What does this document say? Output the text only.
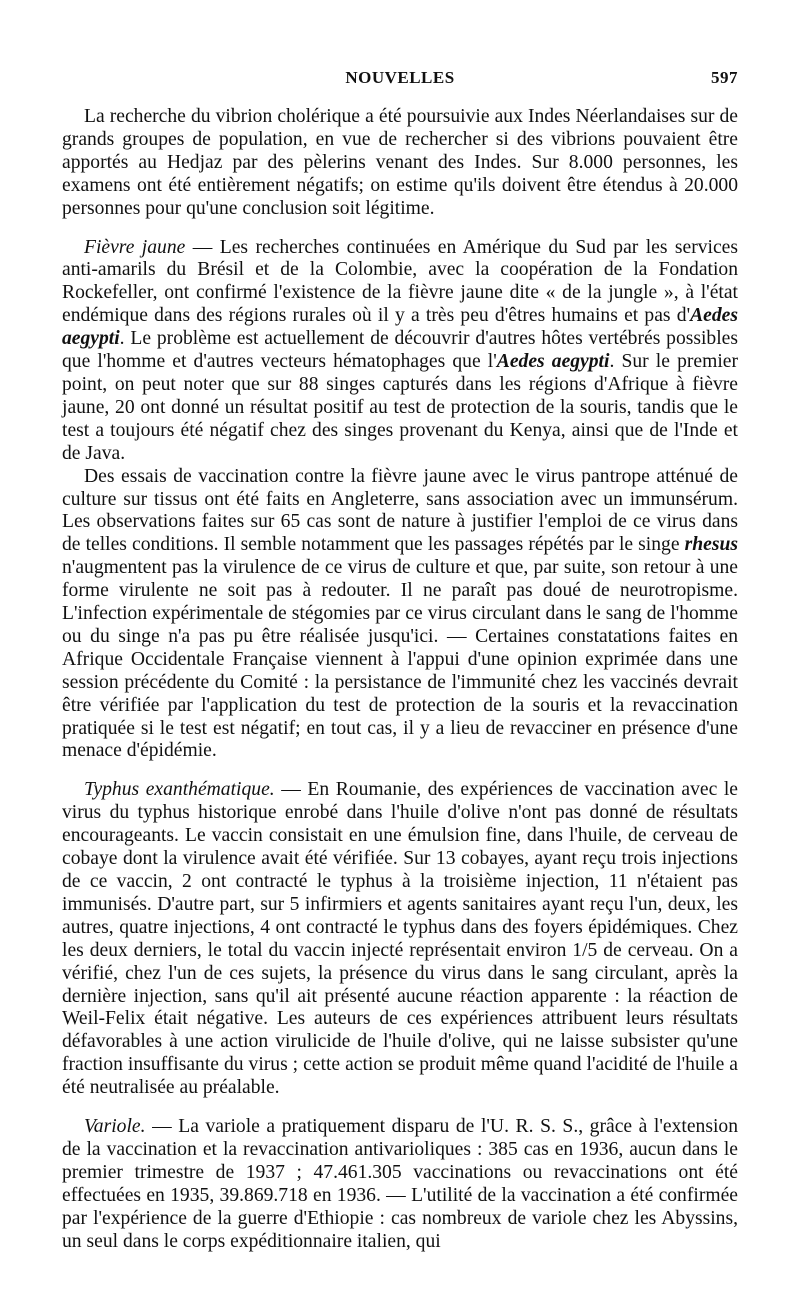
NOUVELLES	597

La recherche du vibrion cholérique a été poursuivie aux Indes Néerlandaises sur de grands groupes de population, en vue de rechercher si des vibrions pouvaient être apportés au Hedjaz par des pèlerins venant des Indes. Sur 8.000 personnes, les examens ont été entièrement négatifs; on estime qu'ils doivent être étendus à 20.000 personnes pour qu'une conclusion soit légitime.

Fièvre jaune — Les recherches continuées en Amérique du Sud par les services anti-amarils du Brésil et de la Colombie, avec la coopération de la Fondation Rockefeller, ont confirmé l'existence de la fièvre jaune dite « de la jungle », à l'état endémique dans des régions rurales où il y a très peu d'êtres humains et pas d'Aedes aegypti. Le problème est actuellement de découvrir d'autres hôtes vertébrés possibles que l'homme et d'autres vecteurs hématophages que l'Aedes aegypti. Sur le premier point, on peut noter que sur 88 singes capturés dans les régions d'Afrique à fièvre jaune, 20 ont donné un résultat positif au test de protection de la souris, tandis que le test a toujours été négatif chez des singes provenant du Kenya, ainsi que de l'Inde et de Java.

Des essais de vaccination contre la fièvre jaune avec le virus pantrope atténué de culture sur tissus ont été faits en Angleterre, sans association avec un immunsérum. Les observations faites sur 65 cas sont de nature à justifier l'emploi de ce virus dans de telles conditions. Il semble notamment que les passages répétés par le singe rhesus n'augmentent pas la virulence de ce virus de culture et que, par suite, son retour à une forme virulente ne soit pas à redouter. Il ne paraît pas doué de neurotropisme. L'infection expérimentale de stégomies par ce virus circulant dans le sang de l'homme ou du singe n'a pas pu être réalisée jusqu'ici. — Certaines constatations faites en Afrique Occidentale Française viennent à l'appui d'une opinion exprimée dans une session précédente du Comité : la persistance de l'immunité chez les vaccinés devrait être vérifiée par l'application du test de protection de la souris et la revaccination pratiquée si le test est négatif; en tout cas, il y a lieu de revacciner en présence d'une menace d'épidémie.

Typhus exanthématique. — En Roumanie, des expériences de vaccination avec le virus du typhus historique enrobé dans l'huile d'olive n'ont pas donné de résultats encourageants. Le vaccin consistait en une émulsion fine, dans l'huile, de cerveau de cobaye dont la virulence avait été vérifiée. Sur 13 cobayes, ayant reçu trois injections de ce vaccin, 2 ont contracté le typhus à la troisième injection, 11 n'étaient pas immunisés. D'autre part, sur 5 infirmiers et agents sanitaires ayant reçu l'un, deux, les autres, quatre injections, 4 ont contracté le typhus dans des foyers épidémiques. Chez les deux derniers, le total du vaccin injecté représentait environ 1/5 de cerveau. On a vérifié, chez l'un de ces sujets, la présence du virus dans le sang circulant, après la dernière injection, sans qu'il ait présenté aucune réaction apparente : la réaction de Weil-Felix était négative. Les auteurs de ces expériences attribuent leurs résultats défavorables à une action virulicide de l'huile d'olive, qui ne laisse subsister qu'une fraction insuffisante du virus ; cette action se produit même quand l'acidité de l'huile a été neutralisée au préalable.

Variole. — La variole a pratiquement disparu de l'U. R. S. S., grâce à l'extension de la vaccination et la revaccination antivarioliques : 385 cas en 1936, aucun dans le premier trimestre de 1937 ; 47.461.305 vaccinations ou revaccinations ont été effectuées en 1935, 39.869.718 en 1936. — L'utilité de la vaccination a été confirmée par l'expérience de la guerre d'Ethiopie : cas nombreux de variole chez les Abyssins, un seul dans le corps expéditionnaire italien, qui
